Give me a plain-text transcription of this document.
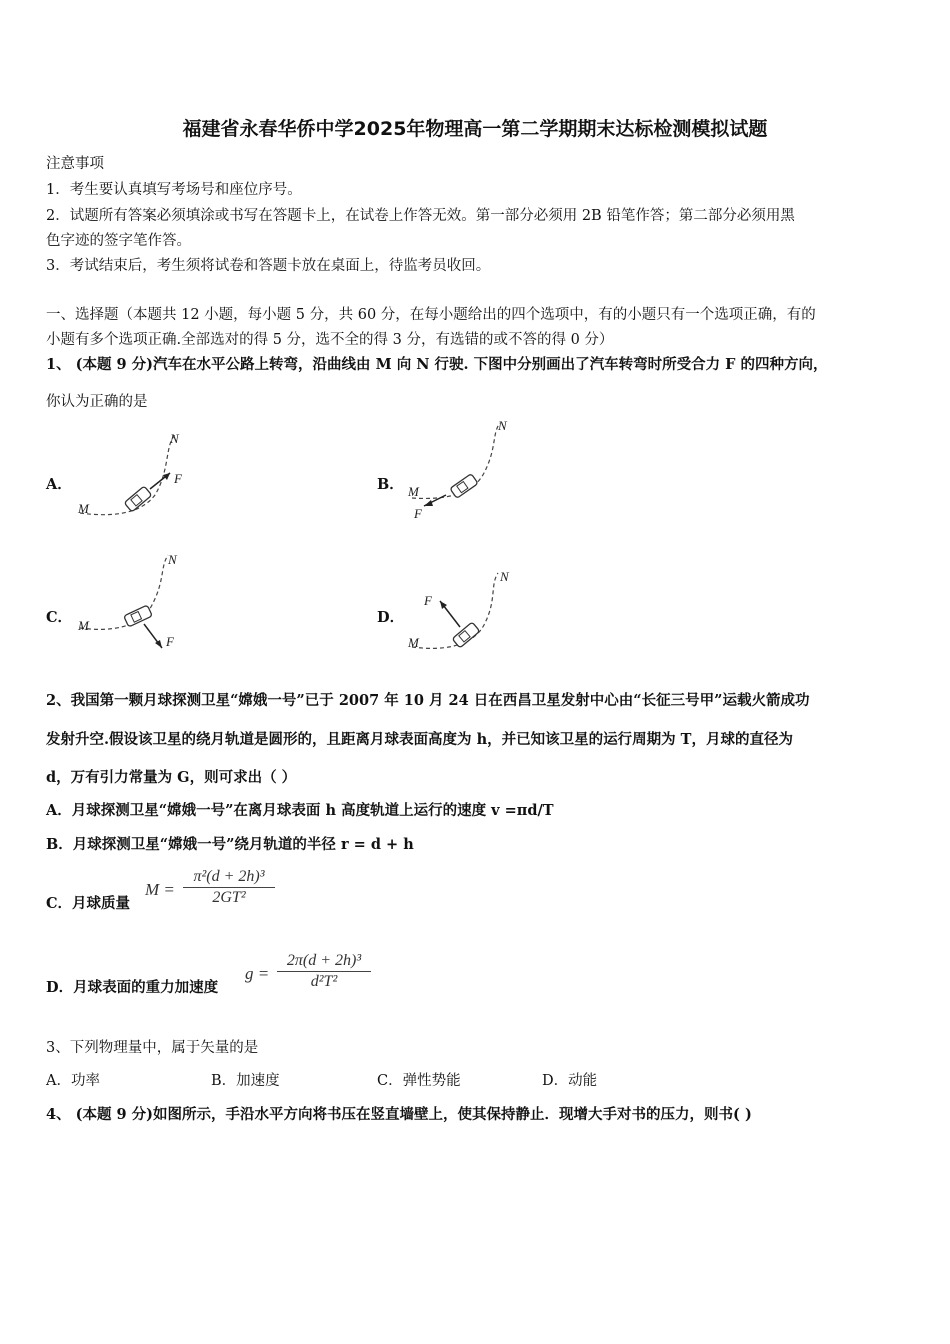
福建省永春华侨中学2025年物理高一第二学期期末达标检测模拟试题
注意事项
1．考生要认真填写考场号和座位序号。
2．试题所有答案必须填涂或书写在答题卡上，在试卷上作答无效。第一部分必须用 2B 铅笔作答；第二部分必须用黑
色字迹的签字笔作答。
3．考试结束后，考生须将试卷和答题卡放在桌面上，待监考员收回。
一、选择题（本题共 12 小题，每小题 5 分，共 60 分，在每小题给出的四个选项中，有的小题只有一个选项正确，有的
小题有多个选项正确.全部选对的得 5 分，选不全的得 3 分，有选错的或不答的得 0 分）
1、 (本题 9 分)汽车在水平公路上转弯，沿曲线由 M 向 N 行驶. 下图中分别画出了汽车转弯时所受合力 F 的四种方向，
你认为正确的是
A．
M
N
F	B． M
N
F
C． M
N
F
D．
M
N
F
2、我国第一颗月球探测卫星“嫦娥一号”已于 2007 年 10 月 24 日在西昌卫星发射中心由“长征三号甲”运载火箭成功
发射升空.假设该卫星的绕月轨道是圆形的，且距离月球表面高度为 h，并已知该卫星的运行周期为 T，月球的直径为
d，万有引力常量为 G，则可求出（ ）
A．月球探测卫星“嫦娥一号”在离月球表面 h 高度轨道上运行的速度 v =πd/T
B．月球探测卫星“嫦娥一号”绕月轨道的半径 r = d + h
C．月球质量
M =
π²(d + 2h)³
2GT²
D．月球表面的重力加速度
g =
2π(d + 2h)³
d²T²
3、下列物理量中，属于矢量的是
A．功率	B．加速度	C．弹性势能	D．动能
4、 (本题 9 分)如图所示，手沿水平方向将书压在竖直墙壁上，使其保持静止．现增大手对书的压力，则书( )
